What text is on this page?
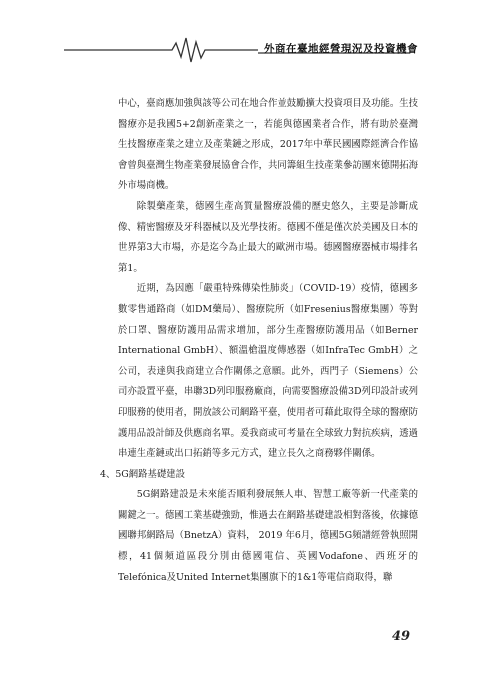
外商在臺地經營現況及投資機會

中心，臺商應加強與該等公司在地合作並鼓勵擴大投資項目及功能。生技醫療亦是我國5+2創新產業之一，若能與德國業者合作，將有助於臺灣生技醫療產業之建立及產業鏈之形成，2017年中華民國國際經濟合作協會曾與臺灣生物產業發展協會合作，共同籌組生技產業參訪團來德開拓海外市場商機。

除製藥產業，德國生產高質量醫療設備的歷史悠久，主要是診斷成像、精密醫療及牙科器械以及光學技術。德國不僅是僅次於美國及日本的世界第3大市場，亦是迄今為止最大的歐洲市場。德國醫療器械市場排名第1。

近期，為因應「嚴重特殊傳染性肺炎」（COVID-19）疫情，德國多數零售通路商（如DM藥局）、醫療院所（如Fresenius醫療集團）等對於口罩、醫療防護用品需求增加，部分生產醫療防護用品（如Berner International GmbH）、額溫槍溫度傳感器（如InfraTec GmbH）之公司，表達與我商建立合作關係之意願。此外，西門子（Siemens）公司亦設置平臺，串聯3D列印服務廠商，向需要醫療設備3D列印設計或列印服務的使用者，開放該公司網路平臺，使用者可藉此取得全球的醫療防護用品設計師及供應商名單。爰我商或可考量在全球致力對抗疾病，透過串連生產鏈或出口拓銷等多元方式，建立長久之商務夥伴關係。

4、5G網路基礎建設

5G網路建設是未來能否順利發展無人車、智慧工廠等新一代產業的關鍵之一。德國工業基礎強勁，惟過去在網路基礎建設相對落後，依據德國聯邦網路局（BnetzA）資料， 2019 年6月，德國5G頻譜經營執照開標，41個頻道區段分別由德國電信、英國Vodafone、西班牙的Telefónica及United Internet集團旗下的1&1等電信商取得，聯

49
